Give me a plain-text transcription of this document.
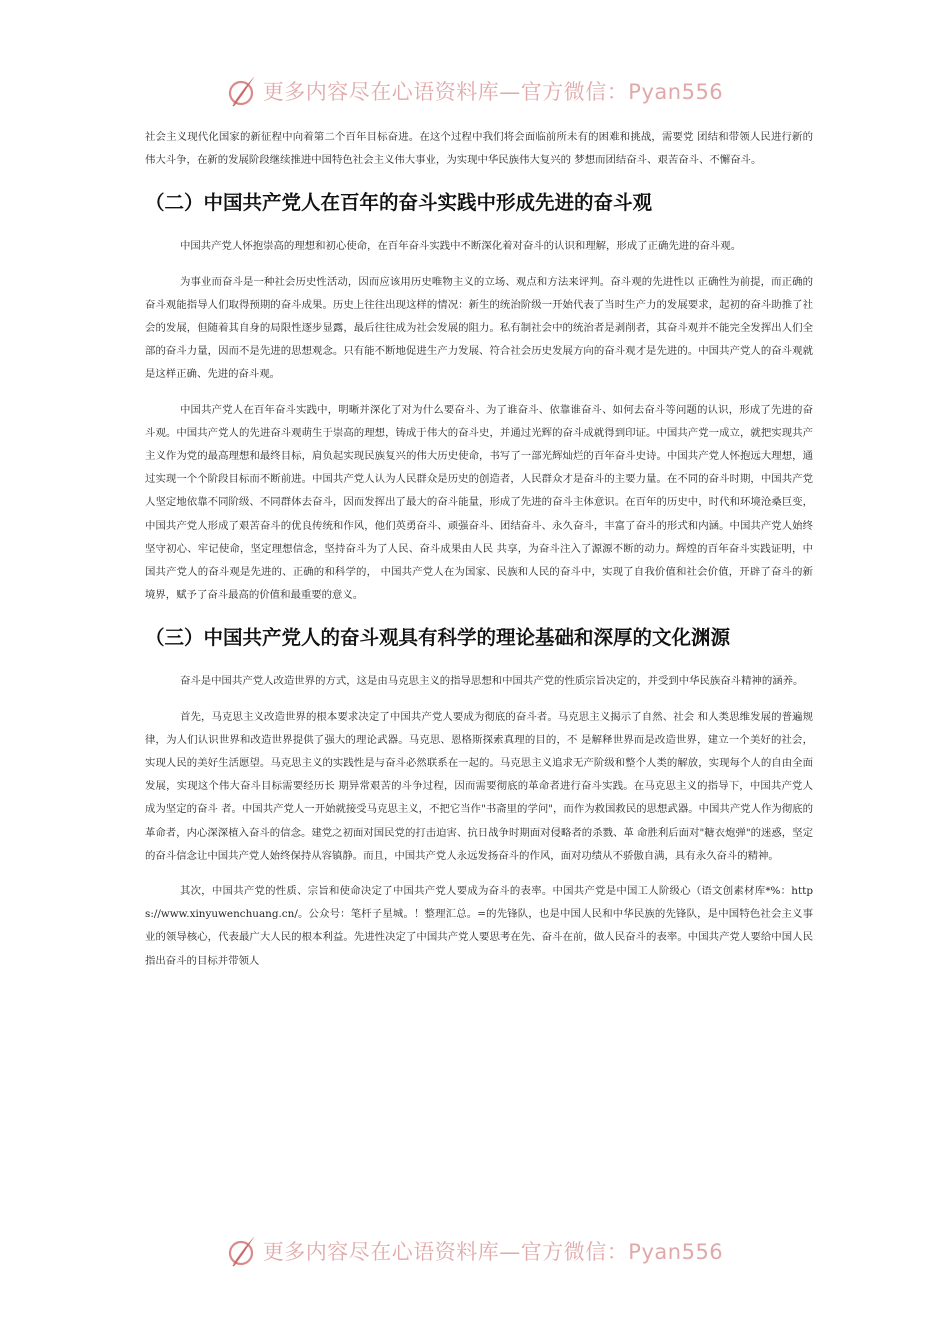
更多内容尽在心语资料库—官方微信：Pyan556

社会主义现代化国家的新征程中向着第二个百年目标奋进。在这个过程中我们将会面临前所未有的困难和挑战，需要党 团结和带领人民进行新的伟大斗争，在新的发展阶段继续推进中国特色社会主义伟大事业，为实现中华民族伟大复兴的 梦想而团结奋斗、艰苦奋斗、不懈奋斗。

（二）中国共产党人在百年的奋斗实践中形成先进的奋斗观

中国共产党人怀抱崇高的理想和初心使命，在百年奋斗实践中不断深化着对奋斗的认识和理解，形成了正确先进的奋斗观。

为事业而奋斗是一种社会历史性活动，因而应该用历史唯物主义的立场、观点和方法来评判。奋斗观的先进性以 正确性为前提，而正确的奋斗观能指导人们取得预期的奋斗成果。历史上往往出现这样的情况：新生的统治阶级一开始代表了当时生产力的发展要求，起初的奋斗助推了社会的发展，但随着其自身的局限性逐步显露，最后往往成为社会发展的阻力。私有制社会中的统治者是剥削者，其奋斗观并不能完全发挥出人们全部的奋斗力量，因而不是先进的思想观念。只有能不断地促进生产力发展、符合社会历史发展方向的奋斗观才是先进的。中国共产党人的奋斗观就是这样正确、先进的奋斗观。

中国共产党人在百年奋斗实践中，明晰并深化了对为什么要奋斗、为了谁奋斗、依靠谁奋斗、如何去奋斗等问题的认识，形成了先进的奋斗观。中国共产党人的先进奋斗观萌生于崇高的理想，铸成于伟大的奋斗史，并通过光辉的奋斗成就得到印证。中国共产党一成立，就把实现共产主义作为党的最高理想和最终目标，肩负起实现民族复兴的伟大历史使命，书写了一部光辉灿烂的百年奋斗史诗。中国共产党人怀抱远大理想，通过实现一个个阶段目标而不断前进。中国共产党人认为人民群众是历史的创造者，人民群众才是奋斗的主要力量。在不同的奋斗时期，中国共产党人坚定地依靠不同阶级、不同群体去奋斗，因而发挥出了最大的奋斗能量，形成了先进的奋斗主体意识。在百年的历史中，时代和环境沧桑巨变，中国共产党人形成了艰苦奋斗的优良传统和作风，他们英勇奋斗、顽强奋斗、团结奋斗、永久奋斗，丰富了奋斗的形式和内涵。中国共产党人始终坚守初心、牢记使命，坚定理想信念，坚持奋斗为了人民、奋斗成果由人民 共享，为奋斗注入了源源不断的动力。辉煌的百年奋斗实践证明，中国共产党人的奋斗观是先进的、正确的和科学的， 中国共产党人在为国家、民族和人民的奋斗中，实现了自我价值和社会价值，开辟了奋斗的新境界，赋予了奋斗最高的价值和最重要的意义。

（三）中国共产党人的奋斗观具有科学的理论基础和深厚的文化渊源

奋斗是中国共产党人改造世界的方式，这是由马克思主义的指导思想和中国共产党的性质宗旨决定的，并受到中华民族奋斗精神的涵养。

首先，马克思主义改造世界的根本要求决定了中国共产党人要成为彻底的奋斗者。马克思主义揭示了自然、社会 和人类思维发展的普遍规律，为人们认识世界和改造世界提供了强大的理论武器。马克思、恩格斯探索真理的目的，不 是解释世界而是改造世界，建立一个美好的社会，实现人民的美好生活愿望。马克思主义的实践性是与奋斗必然联系在一起的。马克思主义追求无产阶级和整个人类的解放，实现每个人的自由全面发展，实现这个伟大奋斗目标需要经历长 期异常艰苦的斗争过程，因而需要彻底的革命者进行奋斗实践。在马克思主义的指导下，中国共产党人成为坚定的奋斗 者。中国共产党人一开始就接受马克思主义，不把它当作"书斋里的学问"，而作为救国救民的思想武器。中国共产党人作为彻底的革命者，内心深深植入奋斗的信念。建党之初面对国民党的打击迫害、抗日战争时期面对侵略者的杀戮、革 命胜利后面对"糖衣炮弹"的迷惑，坚定的奋斗信念让中国共产党人始终保持从容镇静。而且，中国共产党人永远发扬奋斗的作风，面对功绩从不骄傲自满，具有永久奋斗的精神。

其次，中国共产党的性质、宗旨和使命决定了中国共产党人要成为奋斗的表率。中国共产党是中国工人阶级心（语文创素材库*%：https://www.xinyuwenchuang.cn/。公众号：笔杆子星城。！整理汇总。=的先锋队，也是中国人民和中华民族的先锋队，是中国特色社会主义事业的领导核心，代表最广大人民的根本利益。先进性决定了中国共产党人要思考在先、奋斗在前，做人民奋斗的表率。中国共产党人要给中国人民指出奋斗的目标并带领人

更多内容尽在心语资料库—官方微信：Pyan556
